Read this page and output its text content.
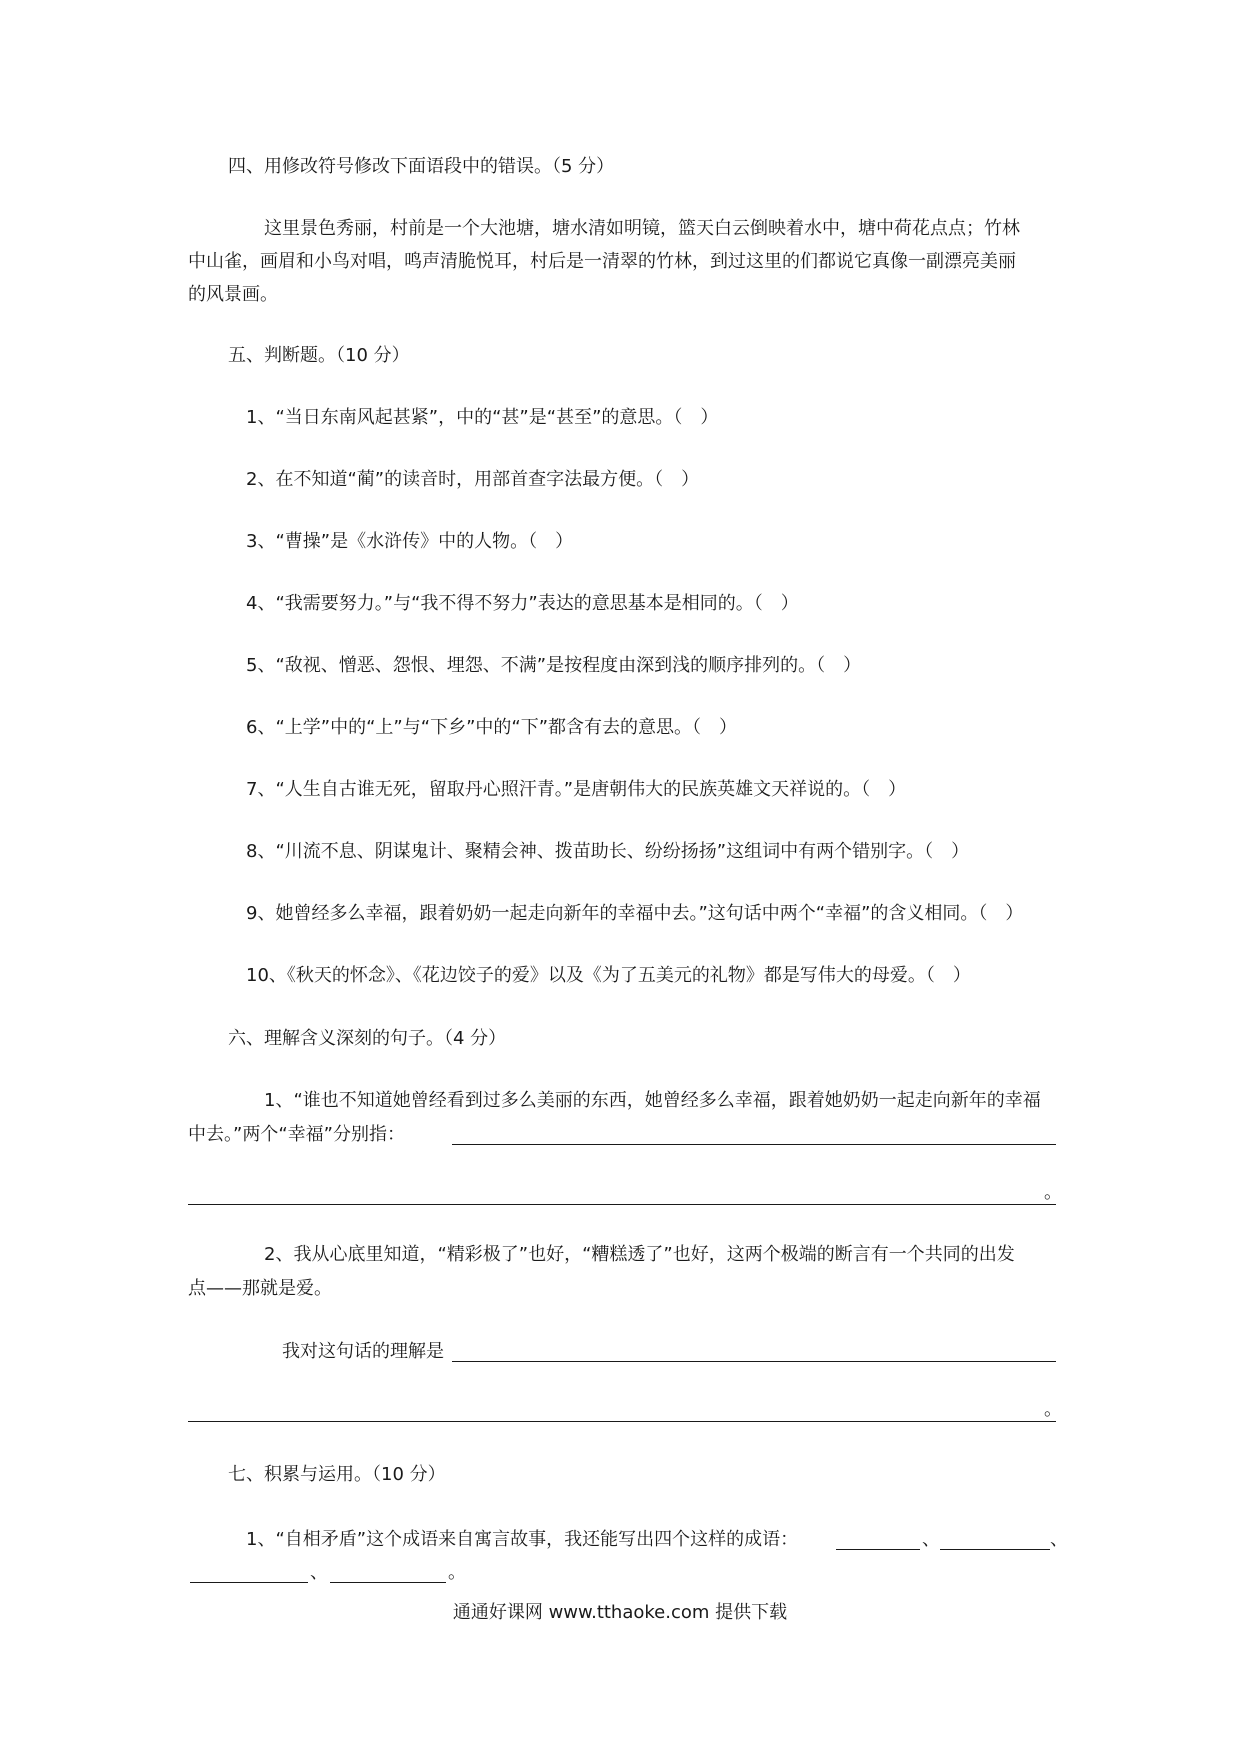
四、用修改符号修改下面语段中的错误。（5 分）
这里景色秀丽，村前是一个大池塘，塘水清如明镜，篮天白云倒映着水中，塘中荷花点点；竹林
中山雀，画眉和小鸟对唱，鸣声清脆悦耳，村后是一清翠的竹林，到过这里的们都说它真像一副漂亮美丽
的风景画。
五、判断题。（10 分）
1、“当日东南风起甚紧”，中的“甚”是“甚至”的意思。（　）
2、在不知道“蔺”的读音时，用部首查字法最方便。（　）
3、“曹操”是《水浒传》中的人物。（　）
4、“我需要努力。”与“我不得不努力”表达的意思基本是相同的。（　）
5、“敌视、憎恶、怨恨、埋怨、不满”是按程度由深到浅的顺序排列的。（　）
6、“上学”中的“上”与“下乡”中的“下”都含有去的意思。（　）
7、“人生自古谁无死，留取丹心照汗青。”是唐朝伟大的民族英雄文天祥说的。（　）
8、“川流不息、阴谋鬼计、聚精会神、拨苗助长、纷纷扬扬”这组词中有两个错别字。（　）
9、她曾经多么幸福，跟着奶奶一起走向新年的幸福中去。”这句话中两个“幸福”的含义相同。（　）
10、《秋天的怀念》、《花边饺子的爱》以及《为了五美元的礼物》都是写伟大的母爱。（　）
六、理解含义深刻的句子。（4 分）
1、“谁也不知道她曾经看到过多么美丽的东西，她曾经多么幸福，跟着她奶奶一起走向新年的幸福
中去。”两个“幸福”分别指：
。
2、我从心底里知道，“精彩极了”也好，“糟糕透了”也好，这两个极端的断言有一个共同的出发
点——那就是爱。
我对这句话的理解是
。
七、积累与运用。（10 分）
1、“自相矛盾”这个成语来自寓言故事，我还能写出四个这样的成语：	、	、
、	。
通通好课网 www.tthaoke.com 提供下载
